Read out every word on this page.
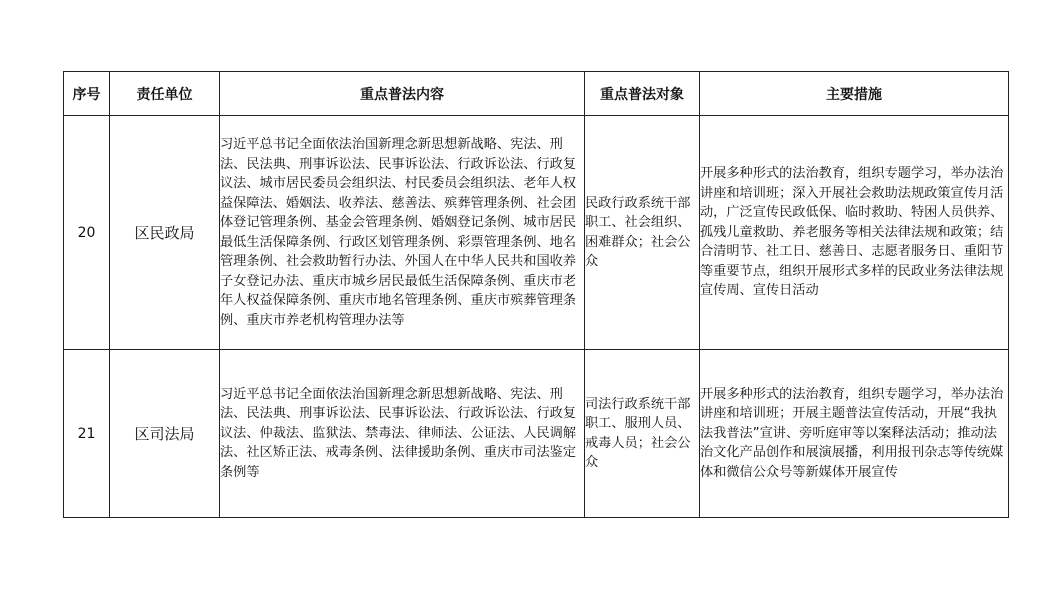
序号	责任单位	重点普法内容	重点普法对象	主要措施
20	区民政局	习近平总书记全面依法治国新理念新思想新战略、宪法、刑法、民法典、刑事诉讼法、民事诉讼法、行政诉讼法、行政复议法、城市居民委员会组织法、村民委员会组织法、老年人权益保障法、婚姻法、收养法、慈善法、殡葬管理条例、社会团体登记管理条例、基金会管理条例、婚姻登记条例、城市居民最低生活保障条例、行政区划管理条例、彩票管理条例、地名管理条例、社会救助暂行办法、外国人在中华人民共和国收养子女登记办法、重庆市城乡居民最低生活保障条例、重庆市老年人权益保障条例、重庆市地名管理条例、重庆市殡葬管理条例、重庆市养老机构管理办法等	民政行政系统干部职工、社会组织、困难群众；社会公众	开展多种形式的法治教育，组织专题学习，举办法治讲座和培训班；深入开展社会救助法规政策宣传月活动，广泛宣传民政低保、临时救助、特困人员供养、孤残儿童救助、养老服务等相关法律法规和政策；结合清明节、社工日、慈善日、志愿者服务日、重阳节等重要节点，组织开展形式多样的民政业务法律法规宣传周、宣传日活动

21	区司法局	习近平总书记全面依法治国新理念新思想新战略、宪法、刑法、民法典、刑事诉讼法、民事诉讼法、行政诉讼法、行政复议法、仲裁法、监狱法、禁毒法、律师法、公证法、人民调解法、社区矫正法、戒毒条例、法律援助条例、重庆市司法鉴定条例等	司法行政系统干部职工、服刑人员、戒毒人员；社会公众	开展多种形式的法治教育，组织专题学习，举办法治讲座和培训班；开展主题普法宣传活动，开展“我执法我普法”宣讲、旁听庭审等以案释法活动；推动法治文化产品创作和展演展播，利用报刊杂志等传统媒体和微信公众号等新媒体开展宣传
